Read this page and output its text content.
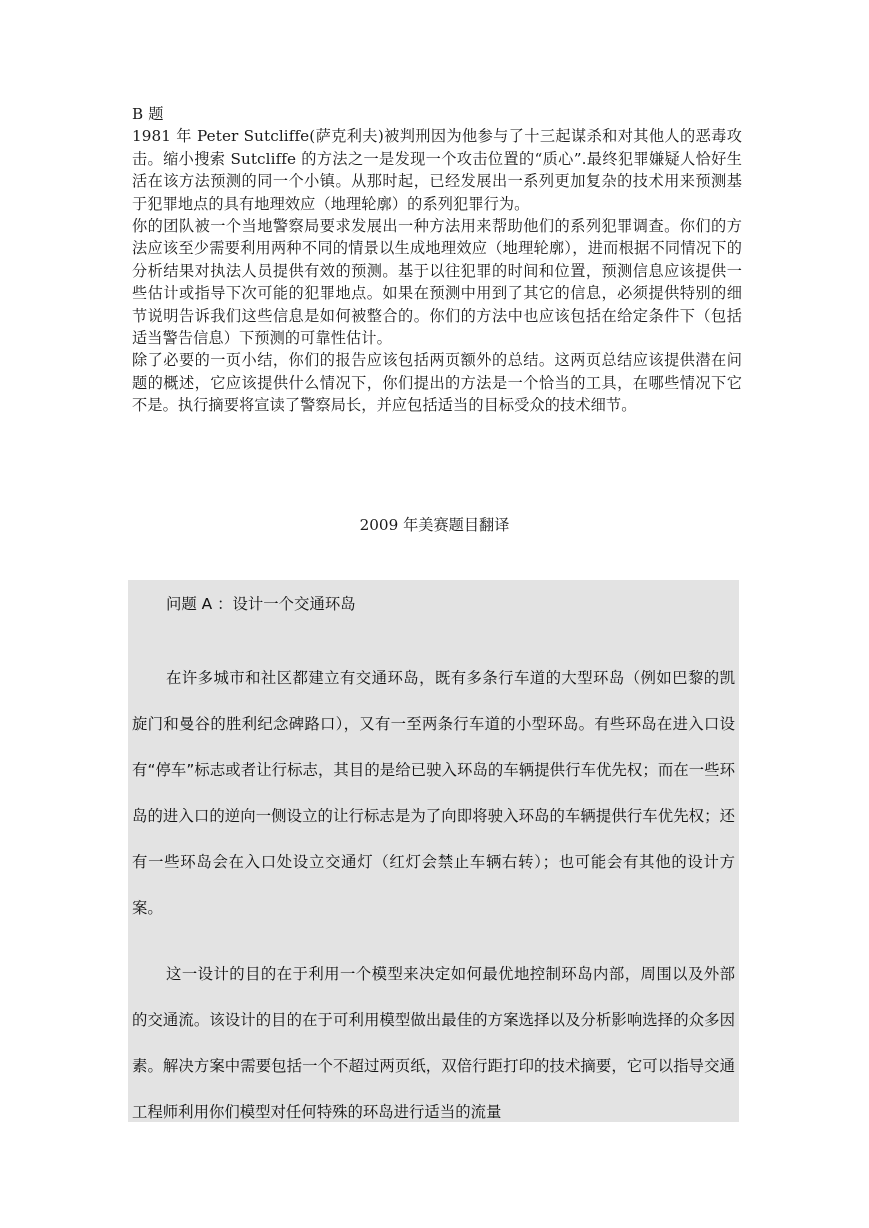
B 题

1981 年 Peter Sutcliffe(萨克利夫)被判刑因为他参与了十三起谋杀和对其他人的恶毒攻击。缩小搜索 Sutcliffe 的方法之一是发现一个攻击位置的“质心”.最终犯罪嫌疑人恰好生活在该方法预测的同一个小镇。从那时起，已经发展出一系列更加复杂的技术用来预测基于犯罪地点的具有地理效应（地理轮廓）的系列犯罪行为。

你的团队被一个当地警察局要求发展出一种方法用来帮助他们的系列犯罪调查。你们的方法应该至少需要利用两种不同的情景以生成地理效应（地理轮廓），进而根据不同情况下的分析结果对执法人员提供有效的预测。基于以往犯罪的时间和位置，预测信息应该提供一些估计或指导下次可能的犯罪地点。如果在预测中用到了其它的信息，必须提供特别的细节说明告诉我们这些信息是如何被整合的。你们的方法中也应该包括在给定条件下（包括适当警告信息）下预测的可靠性估计。

除了必要的一页小结，你们的报告应该包括两页额外的总结。这两页总结应该提供潜在问题的概述，它应该提供什么情况下，你们提出的方法是一个恰当的工具，在哪些情况下它不是。执行摘要将宣读了警察局长，并应包括适当的目标受众的技术细节。

2009 年美赛题目翻译

问题 A ：设计一个交通环岛

在许多城市和社区都建立有交通环岛，既有多条行车道的大型环岛（例如巴黎的凯旋门和曼谷的胜利纪念碑路口），又有一至两条行车道的小型环岛。有些环岛在进入口设有“停车”标志或者让行标志，其目的是给已驶入环岛的车辆提供行车优先权；而在一些环岛的进入口的逆向一侧设立的让行标志是为了向即将驶入环岛的车辆提供行车优先权；还有一些环岛会在入口处设立交通灯（红灯会禁止车辆右转）；也可能会有其他的设计方案。

这一设计的目的在于利用一个模型来决定如何最优地控制环岛内部，周围以及外部的交通流。该设计的目的在于可利用模型做出最佳的方案选择以及分析影响选择的众多因素。解决方案中需要包括一个不超过两页纸，双倍行距打印的技术摘要，它可以指导交通工程师利用你们模型对任何特殊的环岛进行适当的流量
